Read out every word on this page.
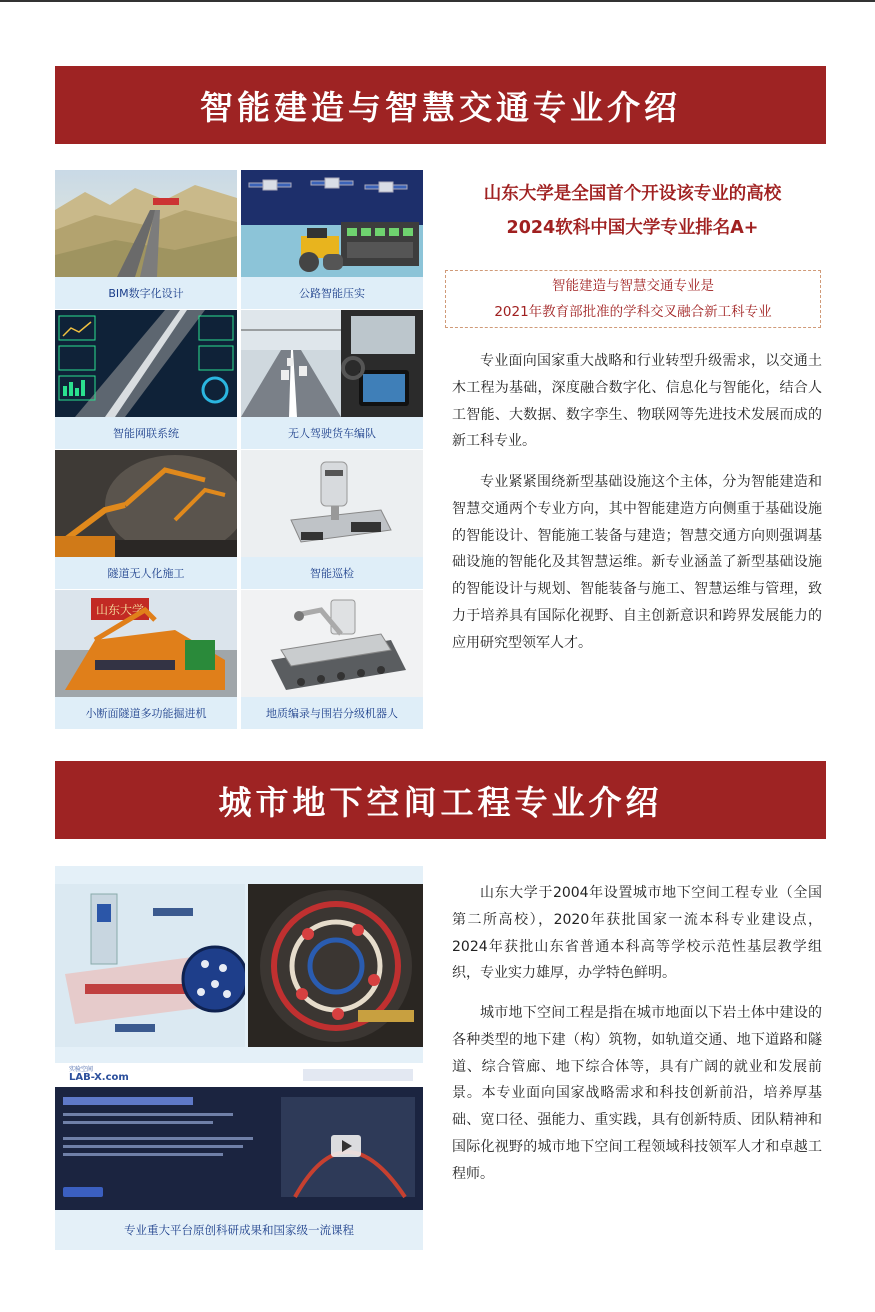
智能建造与智慧交通专业介绍
BIM数字化设计	公路智能压实
智能网联系统	无人驾驶货车编队
隧道无人化施工	智能巡检
山东大学
小断面隧道多功能掘进机	地质编录与围岩分级机器人
山东大学是全国首个开设该专业的高校
2024软科中国大学专业排名A+
智能建造与智慧交通专业是
2021年教育部批准的学科交叉融合新工科专业

专业面向国家重大战略和行业转型升级需求，以交通土木工程为基础，深度融合数字化、信息化与智能化，结合人工智能、大数据、数字孪生、物联网等先进技术发展而成的新工科专业。

专业紧紧围绕新型基础设施这个主体，分为智能建造和智慧交通两个专业方向，其中智能建造方向侧重于基础设施的智能设计、智能施工装备与建造；智慧交通方向则强调基础设施的智能化及其智慧运维。新专业涵盖了新型基础设施的智能设计与规划、智能装备与施工、智慧运维与管理，致力于培养具有国际化视野、自主创新意识和跨界发展能力的应用研究型领军人才。

城市地下空间工程专业介绍
实验空间
LAB-X.com
专业重大平台原创科研成果和国家级一流课程

山东大学于2004年设置城市地下空间工程专业（全国第二所高校），2020年获批国家一流本科专业建设点，2024年获批山东省普通本科高等学校示范性基层教学组织，专业实力雄厚，办学特色鲜明。

城市地下空间工程是指在城市地面以下岩土体中建设的各种类型的地下建（构）筑物，如轨道交通、地下道路和隧道、综合管廊、地下综合体等，具有广阔的就业和发展前景。本专业面向国家战略需求和科技创新前沿，培养厚基础、宽口径、强能力、重实践，具有创新特质、团队精神和国际化视野的城市地下空间工程领域科技领军人才和卓越工程师。
